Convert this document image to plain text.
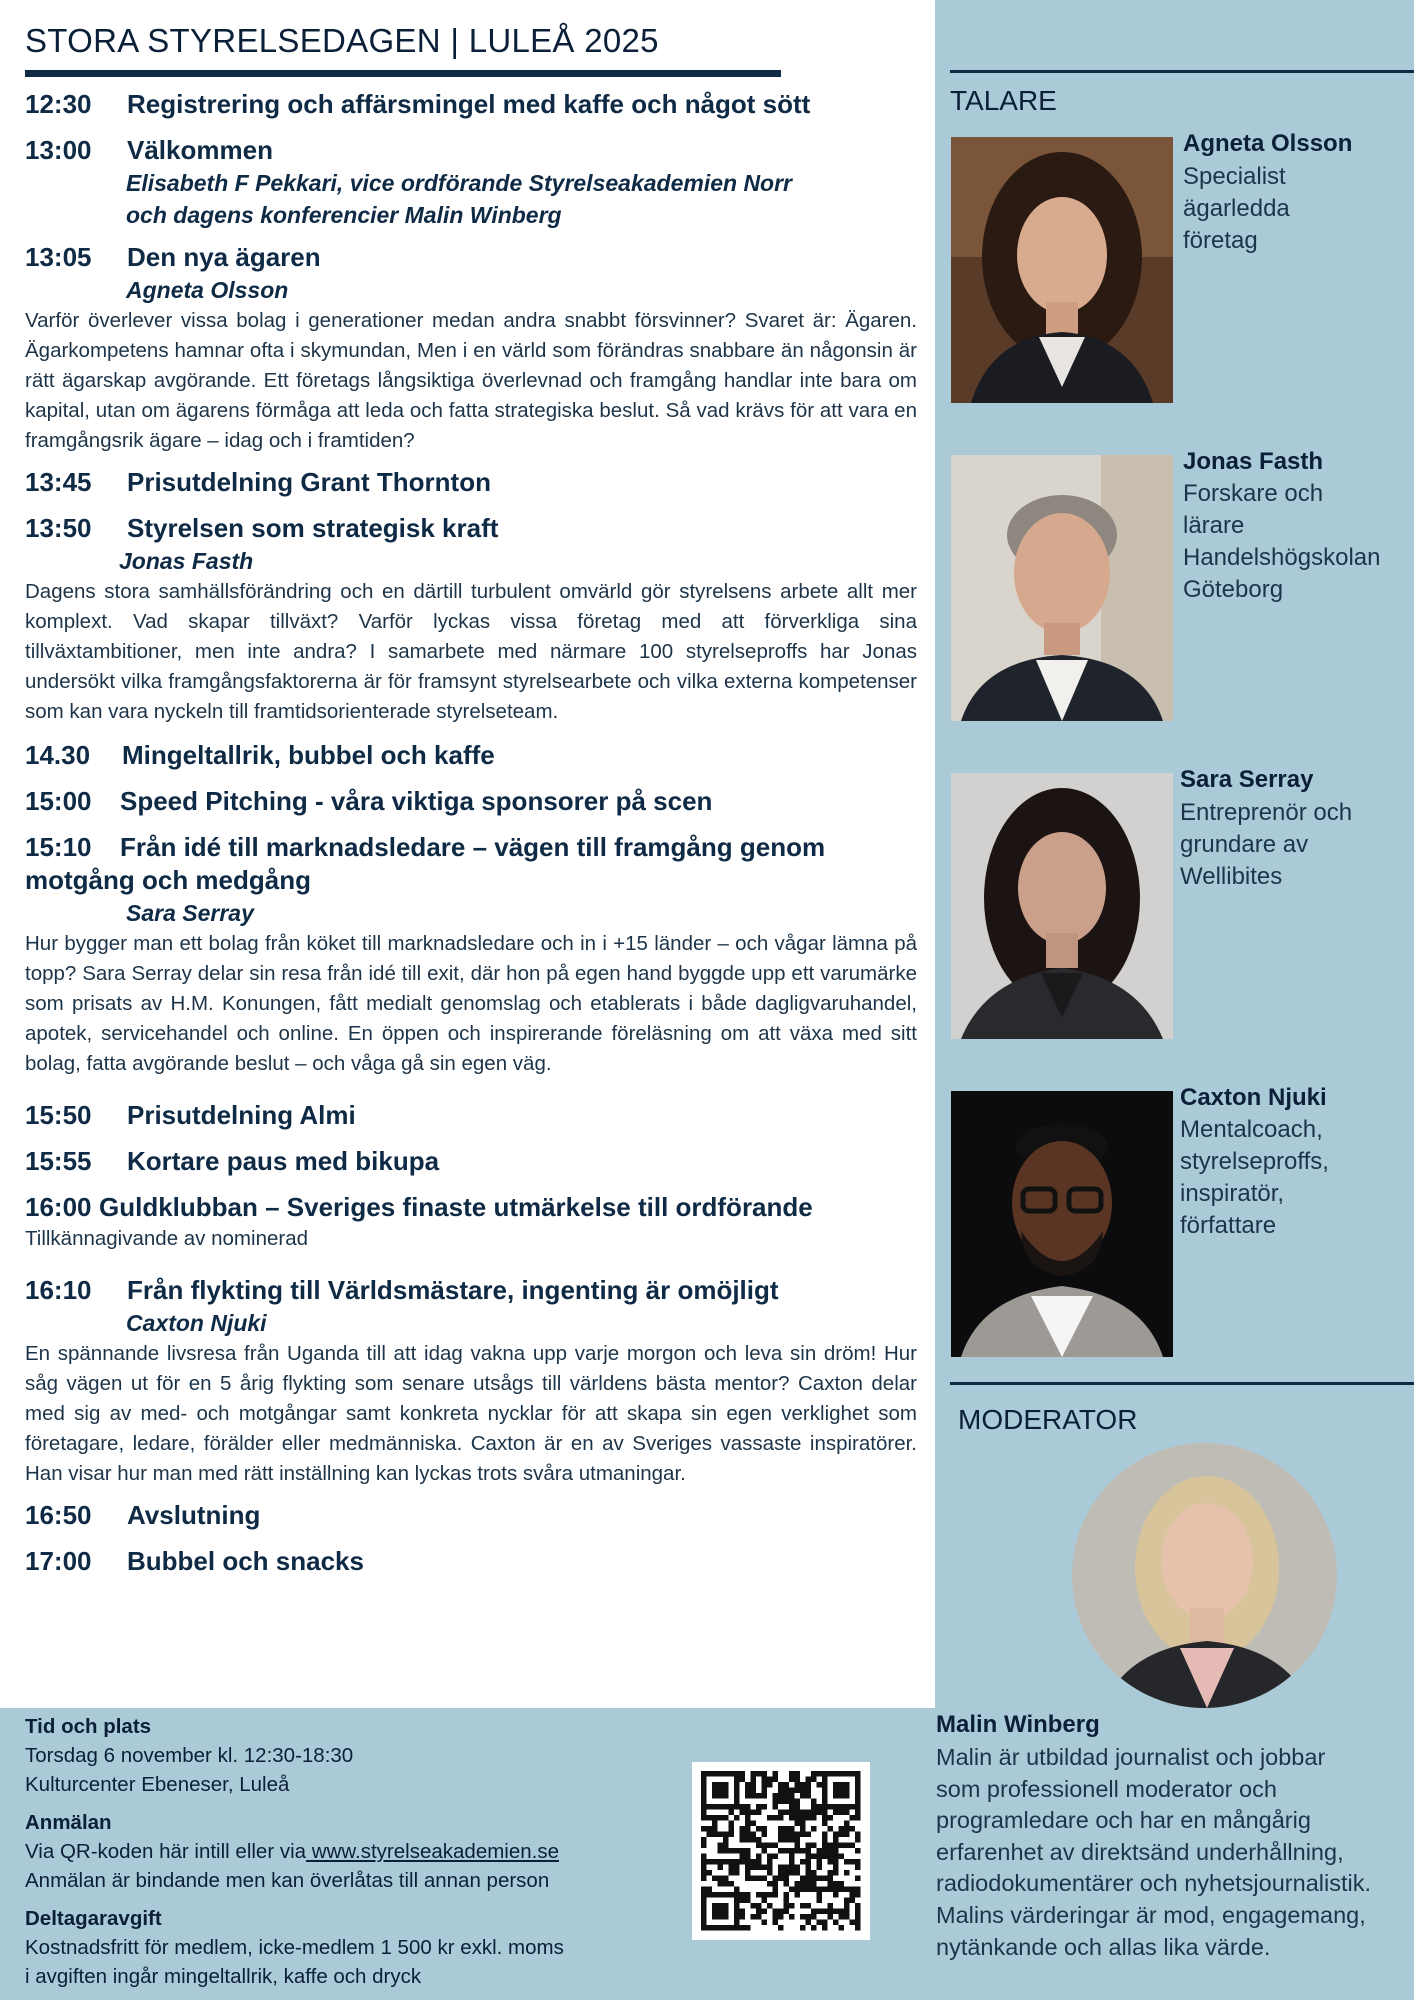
STORA STYRELSEDAGEN | LULEÅ 2025
12:30	Registrering och affärsmingel med kaffe och något sött
13:00	Välkommen
Elisabeth F Pekkari, vice ordförande Styrelseakademien Norr
och dagens konferencier Malin Winberg
13:05	Den nya ägaren
Agneta Olsson
Varför överlever vissa bolag i generationer medan andra snabbt försvinner? Svaret är: Ägaren. Ägarkompetens hamnar ofta i skymundan, Men i en värld som förändras snabbare än någonsin är rätt ägarskap avgörande. Ett företags långsiktiga överlevnad och framgång handlar inte bara om kapital, utan om ägarens förmåga att leda och fatta strategiska beslut. Så vad krävs för att vara en framgångsrik ägare – idag och i framtiden?
13:45	Prisutdelning Grant Thornton
13:50	Styrelsen som strategisk kraft
Jonas Fasth
Dagens stora samhällsförändring och en därtill turbulent omvärld gör styrelsens arbete allt mer komplext. Vad skapar tillväxt? Varför lyckas vissa företag med att förverkliga sina tillväxtambitioner, men inte andra? I samarbete med närmare 100 styrelseproffs har Jonas undersökt vilka framgångsfaktorerna är för framsynt styrelsearbete och vilka externa kompetenser som kan vara nyckeln till framtidsorienterade styrelseteam.
14.30	Mingeltallrik, bubbel och kaffe
15:00	Speed Pitching - våra viktiga sponsorer på scen
15:10	Från idé till marknadsledare – vägen till framgång genom
motgång och medgång
Sara Serray
Hur bygger man ett bolag från köket till marknadsledare och in i +15 länder – och vågar lämna på topp? Sara Serray delar sin resa från idé till exit, där hon på egen hand byggde upp ett varumärke som prisats av H.M. Konungen, fått medialt genomslag och etablerats i både dagligvaruhandel, apotek, servicehandel och online. En öppen och inspirerande föreläsning om att växa med sitt bolag, fatta avgörande beslut – och våga gå sin egen väg.
15:50	Prisutdelning Almi
15:55	Kortare paus med bikupa
16:00 Guldklubban – Sveriges finaste utmärkelse till ordförande
Tillkännagivande av nominerad
16:10	Från flykting till Världsmästare, ingenting är omöjligt
Caxton Njuki
En spännande livsresa från Uganda till att idag vakna upp varje morgon och leva sin dröm! Hur såg vägen ut för en 5 årig flykting som senare utsågs till världens bästa mentor? Caxton delar med sig av med- och motgångar samt konkreta nycklar för att skapa sin egen verklighet som företagare, ledare, förälder eller medmänniska. Caxton är en av Sveriges vassaste inspiratörer. Han visar hur man med rätt inställning kan lyckas trots svåra utmaningar.
16:50	Avslutning
17:00	Bubbel och snacks
TALARE
Agneta Olsson
Specialist
ägarledda
företag
Jonas Fasth
Forskare och
lärare
Handelshögskolan
Göteborg
Sara Serray
Entreprenör och
grundare av
Wellibites
Caxton Njuki
Mentalcoach,
styrelseproffs,
inspiratör,
författare
MODERATOR
Malin Winberg
Malin är utbildad journalist och jobbar
som professionell moderator och
programledare och har en mångårig
erfarenhet av direktsänd underhållning,
radiodokumentärer och nyhetsjournalistik.
Malins värderingar är mod, engagemang,
nytänkande och allas lika värde.
Tid och plats
Torsdag 6 november kl. 12:30-18:30
Kulturcenter Ebeneser, Luleå
Anmälan
Via QR-koden här intill eller via www.styrelseakademien.se
Anmälan är bindande men kan överlåtas till annan person
Deltagaravgift
Kostnadsfritt för medlem, icke-medlem 1 500 kr exkl. moms
i avgiften ingår mingeltallrik, kaffe och dryck
